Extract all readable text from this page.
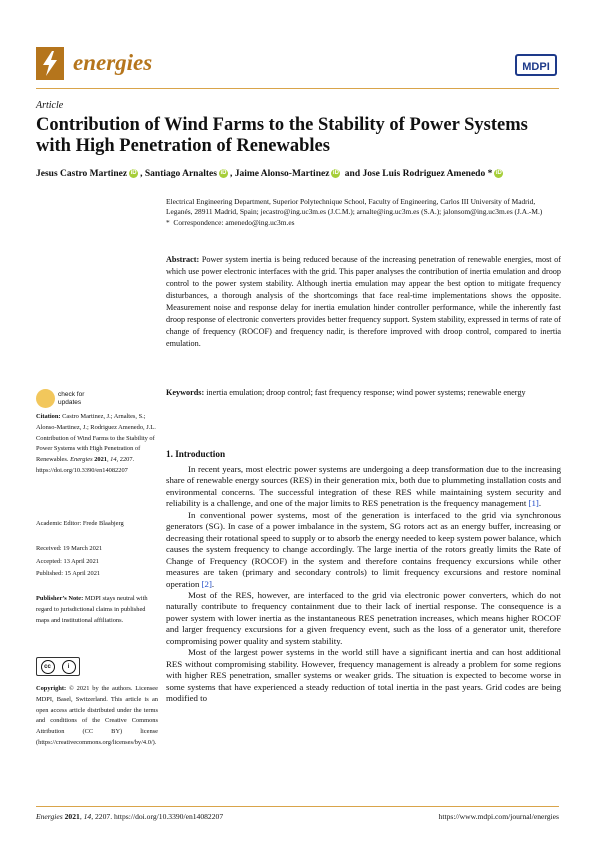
energies	MDPI
Article
Contribution of Wind Farms to the Stability of Power Systems with High Penetration of Renewables
Jesus Castro Martinez iD , Santiago Arnaltes iD , Jaime Alonso-Martinez iD and Jose Luis Rodriguez Amenedo * iD
Electrical Engineering Department, Superior Polytechnique School, Faculty of Engineering, Carlos III University of Madrid, Leganés, 28911 Madrid, Spain; jecastro@ing.uc3m.es (J.C.M.); arnalte@ing.uc3m.es (S.A.); jalonsom@ing.uc3m.es (J.A.-M.)
*  Correspondence: amenedo@ing.uc3m.es
Abstract: Power system inertia is being reduced because of the increasing penetration of renewable energies, most of which use power electronic interfaces with the grid. This paper analyses the contribution of inertia emulation and droop control to the power system stability. Although inertia emulation may appear the best option to mitigate frequency disturbances, a thorough analysis of the shortcomings that face real-time implementations shows the opposite. Measurement noise and response delay for inertia emulation hinder controller performance, while the inherently fast droop response of electronic converters provides better frequency support. System stability, expressed in terms of rate of change of frequency (ROCOF) and frequency nadir, is therefore improved with droop control, compared to inertia emulation.
Keywords: inertia emulation; droop control; fast frequency response; wind power systems; renewable energy
check for updates
Citation: Castro Martinez, J.; Arnaltes, S.; Alonso-Martinez, J.; Rodriguez Amenedo, J.L. Contribution of Wind Farms to the Stability of Power Systems with High Penetration of Renewables. Energies 2021, 14, 2207. https://doi.org/10.3390/en14082207
Academic Editor: Frede Blaabjerg
Received: 19 March 2021
Accepted: 13 April 2021
Published: 15 April 2021
Publisher’s Note: MDPI stays neutral with regard to jurisdictional claims in published maps and institutional affiliations.
cc	i
Copyright: © 2021 by the authors. Licensee MDPI, Basel, Switzerland. This article is an open access article distributed under the terms and conditions of the Creative Commons Attribution (CC BY) license (https://creativecommons.org/licenses/by/4.0/).
1. Introduction

In recent years, most electric power systems are undergoing a deep transformation due to the increasing share of renewable energy sources (RES) in their generation mix, both due to plummeting installation costs and environmental concerns. The successful integration of these RES while maintaining system security and reliability is a challenge, and one of the major limits to RES penetration is the frequency management [1].

In conventional power systems, most of the generation is interfaced to the grid via synchronous generators (SG). In case of a power imbalance in the system, SG rotors act as an energy buffer, increasing or decreasing their rotational speed to supply or to absorb the energy needed to keep system power balance, which causes the system frequency to change accordingly. The large inertia of the rotors greatly limits the Rate of Change of Frequency (ROCOF) in the system and therefore contains frequency excursions while other measures are taken (primary and secondary controls) to limit frequency excursions and restore nominal operation [2].

Most of the RES, however, are interfaced to the grid via electronic power converters, which do not naturally contribute to frequency containment due to their lack of inertial response. The consequence is a power system with lower inertia as the instantaneous RES penetration increases, which means higher ROCOF and larger frequency excursions for a given frequency event, such as the loss of a generator unit, therefore compromising power quality and system stability.

Most of the largest power systems in the world still have a significant inertia and can host additional RES without compromising stability. However, frequency management is already a problem for some regions with higher RES penetration, smaller systems or weaker grids. The situation is expected to become worse in some systems that have experienced a steady reduction of total inertia in the past years. Grid codes are being modified to

Energies 2021, 14, 2207. https://doi.org/10.3390/en14082207	https://www.mdpi.com/journal/energies
